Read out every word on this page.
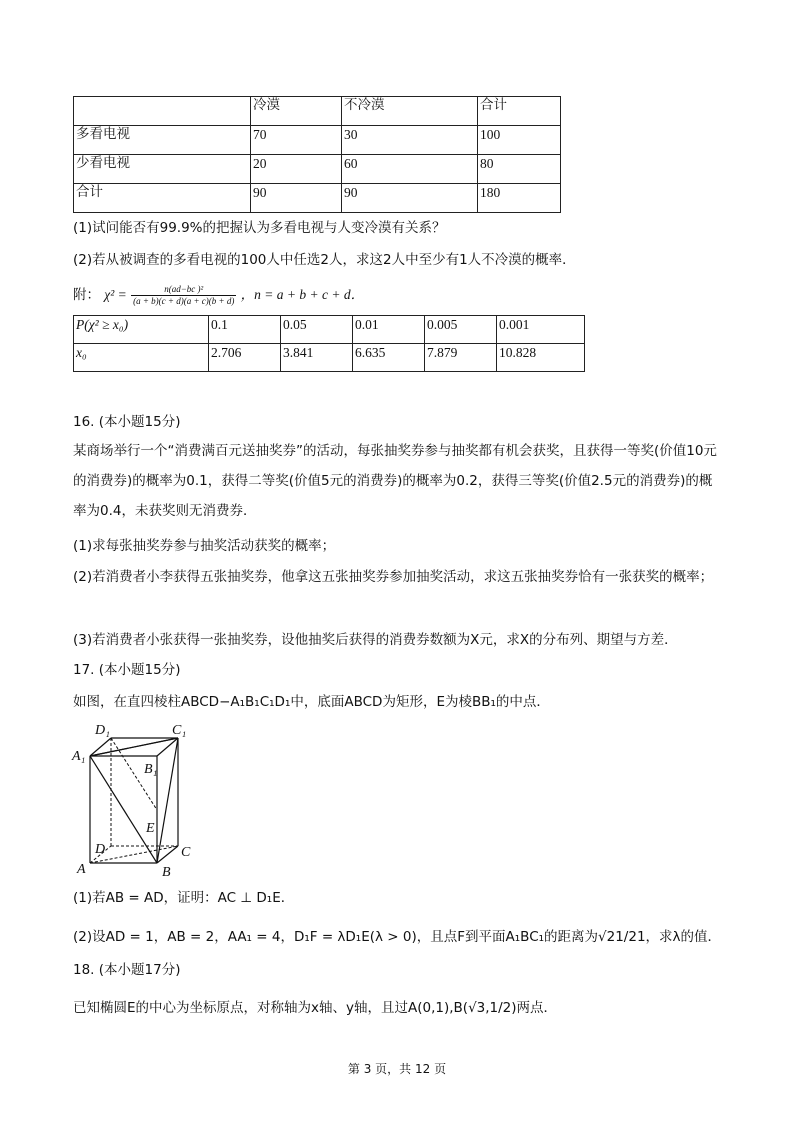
	冷漠	不冷漠	合计
多看电视	70	30	100
少看电视	20	60	80
合计	90	90	180
(1)试问能否有99.9%的把握认为多看电视与人变冷漠有关系？
(2)若从被调查的多看电视的100人中任选2人，求这2人中至少有1人不冷漠的概率．
附： $\chi^2 = \frac{\text{n(ad−bc )²}}{(a + b)(c + d)(a + c)(b + d)}$ ，n = a + b + c + d．
P(χ² ≥ x₀)	0.1	0.05	0.01	0.005	0.001
x₀	2.706	3.841	6.635	7.879	10.828
16. (本小题15分)
某商场举行一个“消费满百元送抽奖券”的活动，每张抽奖券参与抽奖都有机会获奖，且获得一等奖(价值10元的消费券)的概率为0.1，获得二等奖(价值5元的消费券)的概率为0.2，获得三等奖(价值2.5元的消费券)的概率为0.4，未获奖则无消费券．
(1)求每张抽奖券参与抽奖活动获奖的概率；
(2)若消费者小李获得五张抽奖券，他拿这五张抽奖券参加抽奖活动，求这五张抽奖券恰有一张获奖的概率；
(3)若消费者小张获得一张抽奖券，设他抽奖后获得的消费券数额为X元，求X的分布列、期望与方差．
17. (本小题15分)
如图，在直四棱柱ABCD−A₁B₁C₁D₁中，底面ABCD为矩形，E为棱BB₁的中点．
D₁	C₁
A₁
B₁
E
D	C
A	B
(1)若AB = AD，证明：AC ⊥ D₁E．
(2)设AD = 1，AB = 2，AA₁ = 4，D₁F = λD₁E(λ > 0)，且点F到平面A₁BC₁的距离为√21/21，求λ的值．
18. (本小题17分)
已知椭圆E的中心为坐标原点，对称轴为x轴、y轴，且过A(0,1),B(√3,1/2)两点．
第 3 页，共 12 页
